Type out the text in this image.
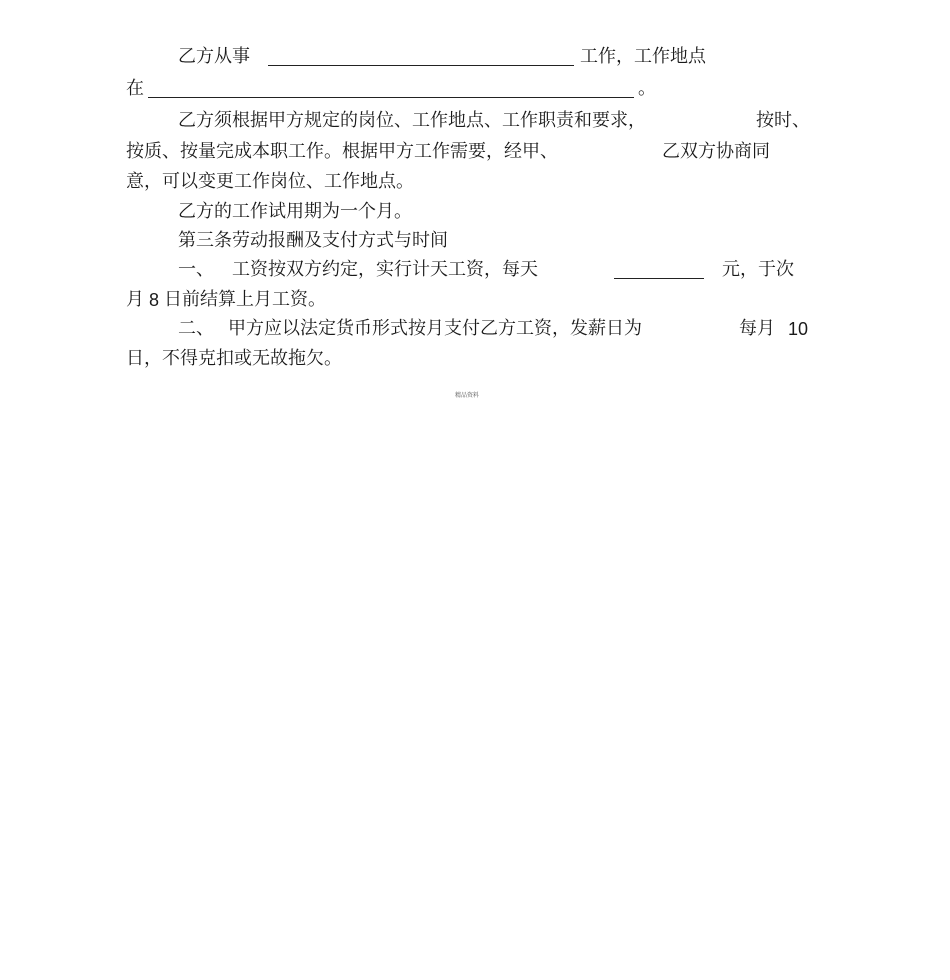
乙方从事	工作，工作地点
在	。
乙方须根据甲方规定的岗位、工作地点、工作职责和要求，	按时、
按质、按量完成本职工作。根据甲方工作需要，经甲、	乙双方协商同
意，可以变更工作岗位、工作地点。
乙方的工作试用期为一个月。
第三条劳动报酬及支付方式与时间
一、 工资按双方约定，实行计天工资，每天	元，于次
月 8 日前结算上月工资。
二、 甲方应以法定货币形式按月支付乙方工资，发薪日为	每月 10
日，不得克扣或无故拖欠。
精品资料
